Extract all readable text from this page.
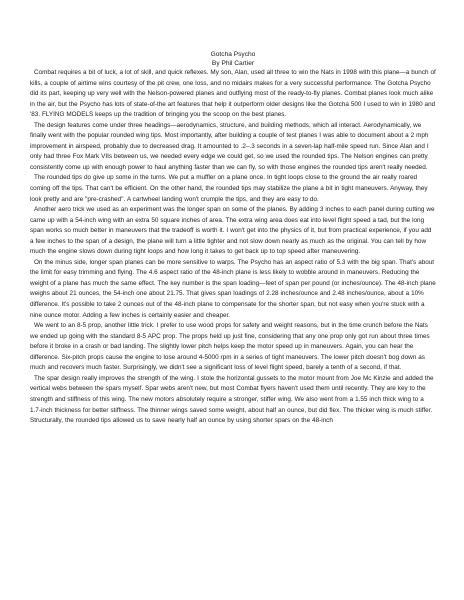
Gotcha Psycho
By Phil Cartier

Combat requires a bit of luck, a lot of skill, and quick reflexes. My son, Alan, used all three to win the Nats in 1998 with this plane—a bunch of kills, a couple of airtime wins courtesy of the pit crew, one loss, and no midairs makes for a very successful performance. The Gotcha Psycho did its part, keeping up very well with the Nelson-powered planes and outflying most of the ready-to-fly planes. Combat planes look much alike in the air, but the Psycho has lots of state-of-the art features that help it outperform older designs like the Gotcha 500 I used to win in 1980 and '83. FLYING MODELS keeps up the tradition of bringing you the scoop on the best planes.

The design features come under three headings—aerodynamics, structure, and building methods, which all interact. Aerodynamically, we finally went with the popular rounded wing tips. Most importantly, after building a couple of test planes I was able to document about a 2 mph improvement in airspeed, probably due to decreased drag. It amounted to .2–.3 seconds in a seven-lap half-mile speed run. Since Alan and I only had three Fox Mark VIIs between us, we needed every edge we could get, so we used the rounded tips. The Nelson engines can pretty consistently come up with enough power to haul anything faster than we can fly, so with those engines the rounded tips aren't really needed.

The rounded tips do give up some in the turns. We put a muffler on a plane once. In tight loops close to the ground the air really roared coming off the tips. That can't be efficient. On the other hand, the rounded tips may stabilize the plane a bit in tight maneuvers. Anyway, they look pretty and are "pre-crashed". A cartwheel landing won't crumple the tips, and they are easy to do.

Another aero trick we used as an experiment was the longer span on some of the planes. By adding 3 inches to each panel during cutting we came up with a 54-inch wing with an extra 50 square inches of area. The extra wing area does eat into level flight speed a tad, but the long span works so much better in maneuvers that the tradeoff is worth it. I won't get into the physics of it, but from practical experience, if you add a few inches to the span of a design, the plane will turn a little tighter and not slow down nearly as much as the original. You can tell by how much the engine slows down during tight loops and how long it takes to get back up to top speed after maneuvering.

On the minus side, longer span planes can be more sensitive to warps. The Psycho has an aspect ratio of 5.3 with the big span. That's about the limit for easy trimming and flying. The 4.6 aspect ratio of the 48-inch plane is less likely to wobble around in maneuvers. Reducing the weight of a plane has much the same effect. The key number is the span loading—feet of span per pound (or inches/ounce). The 48-inch plane weighs about 21 ounces, the 54-inch one about 21.75. That gives span loadings of 2.28 inches/ounce and 2.48 inches/ounce, about a 10% difference. It's possible to take 2 ounces out of the 48-inch plane to compensate for the shorter span, but not easy when you're stuck with a nine ounce motor. Adding a few inches is certainly easier and cheaper.

We went to an 8-5 prop, another little trick. I prefer to use wood props for safety and weight reasons, but in the time crunch before the Nats we ended up going with the standard 8-5 APC prop. The props held up just fine, considering that any one prop only got run about three times before it broke in a crash or bad landing. The slightly lower pitch helps keep the motor speed up in maneuvers. Again, you can hear the difference. Six-pitch props cause the engine to lose around 4-5000 rpm in a series of tight maneuvers. The lower pitch doesn't bog down as much and recovers much faster. Surprisingly, we didn't see a significant loss of level flight speed, barely a tenth of a second, if that.

The spar design really improves the strength of the wing. I stole the horizontal gussets to the motor mount from Joe Mc Kinzie and added the vertical webs between the spars myself. Spar webs aren't new, but most Combat flyers haven't used them until recently. They are key to the strength and stiffness of this wing. The new motors absolutely require a stronger, stiffer wing. We also went from a 1.55 inch thick wing to a 1.7-inch thickness for better stiffness. The thinner wings saved some weight, about half an ounce, but did flex. The thicker wing is much stiffer. Structurally, the rounded tips allowed us to save nearly half an ounce by using shorter spars on the 48-inch
